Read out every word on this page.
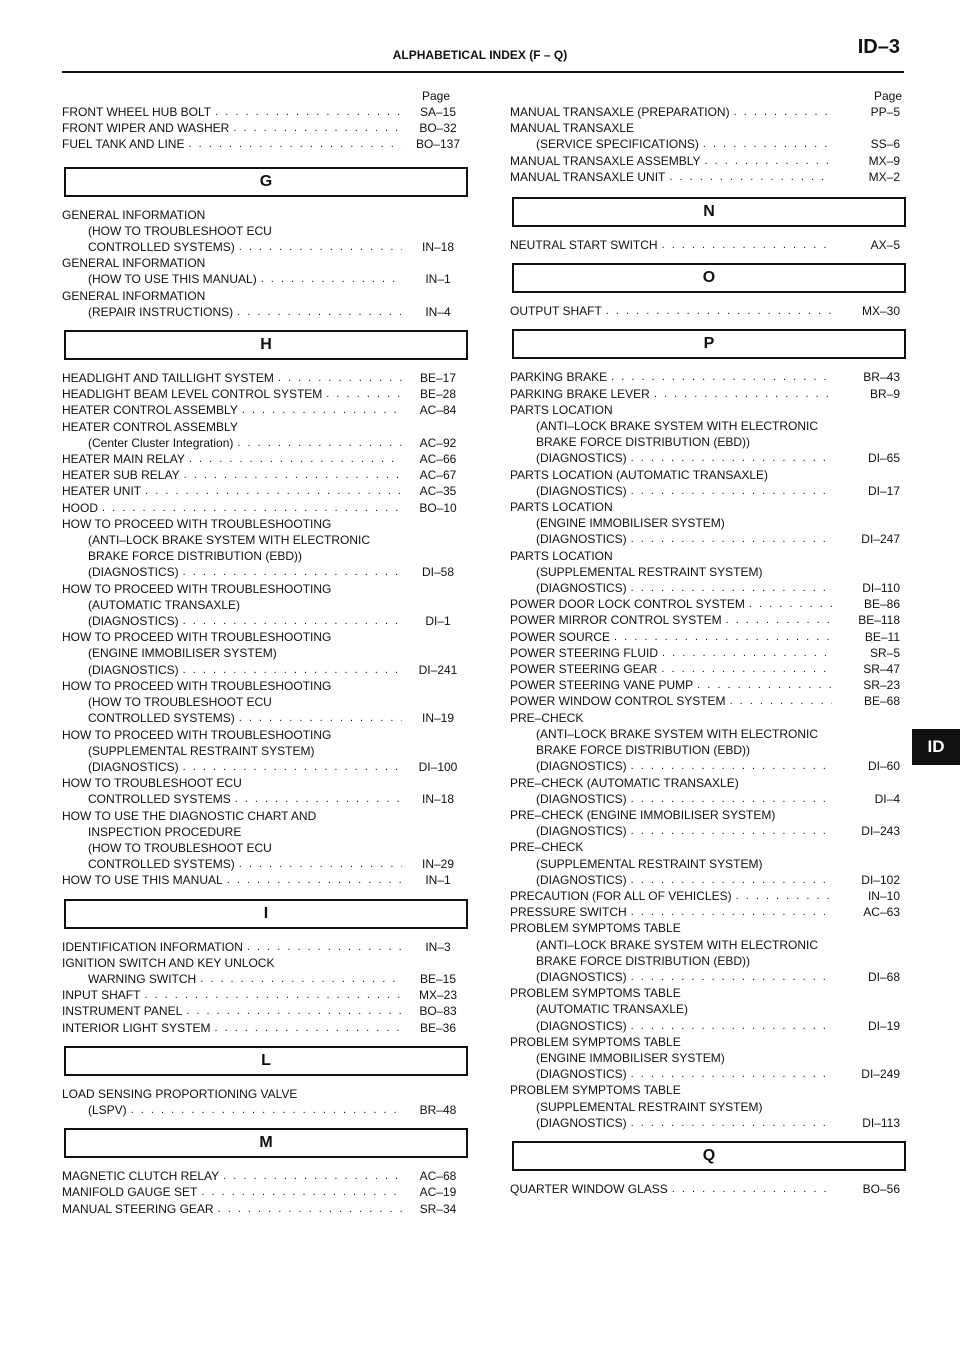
ID–3
ALPHABETICAL INDEX (F – Q)
ID
Page
FRONT WHEEL HUB BOLT . . .	SA–15
FRONT WIPER AND WASHER . . .	BO–32
FUEL TANK AND LINE . . .	BO–137
G
GENERAL INFORMATION
(HOW TO TROUBLESHOOT ECU
CONTROLLED SYSTEMS) . . .	IN–18
GENERAL INFORMATION
(HOW TO USE THIS MANUAL) . . .	IN–1
GENERAL INFORMATION
(REPAIR INSTRUCTIONS) . . .	IN–4
H
HEADLIGHT AND TAILLIGHT SYSTEM . . .	BE–17
HEADLIGHT BEAM LEVEL CONTROL SYSTEM . . .	BE–28
HEATER CONTROL ASSEMBLY . . .	AC–84
HEATER CONTROL ASSEMBLY
(Center Cluster Integration) . . .	AC–92
HEATER MAIN RELAY . . .	AC–66
HEATER SUB RELAY . . .	AC–67
HEATER UNIT . . .	AC–35
HOOD . . .	BO–10
HOW TO PROCEED WITH TROUBLESHOOTING
(ANTI–LOCK BRAKE SYSTEM WITH ELECTRONIC
BRAKE FORCE DISTRIBUTION (EBD))
(DIAGNOSTICS) . . .	DI–58
HOW TO PROCEED WITH TROUBLESHOOTING
(AUTOMATIC TRANSAXLE)
(DIAGNOSTICS) . . .	DI–1
HOW TO PROCEED WITH TROUBLESHOOTING
(ENGINE IMMOBILISER SYSTEM)
(DIAGNOSTICS) . . .	DI–241
HOW TO PROCEED WITH TROUBLESHOOTING
(HOW TO TROUBLESHOOT ECU
CONTROLLED SYSTEMS) . . .	IN–19
HOW TO PROCEED WITH TROUBLESHOOTING
(SUPPLEMENTAL RESTRAINT SYSTEM)
(DIAGNOSTICS) . . .	DI–100
HOW TO TROUBLESHOOT ECU
CONTROLLED SYSTEMS . . .	IN–18
HOW TO USE THE DIAGNOSTIC CHART AND
INSPECTION PROCEDURE
(HOW TO TROUBLESHOOT ECU
CONTROLLED SYSTEMS) . . .	IN–29
HOW TO USE THIS MANUAL . . .	IN–1
I
IDENTIFICATION INFORMATION . . .	IN–3
IGNITION SWITCH AND KEY UNLOCK
WARNING SWITCH . . .	BE–15
INPUT SHAFT . . .	MX–23
INSTRUMENT PANEL . . .	BO–83
INTERIOR LIGHT SYSTEM . . .	BE–36
L
LOAD SENSING PROPORTIONING VALVE
(LSPV) . . .	BR–48
M
MAGNETIC CLUTCH RELAY . . .	AC–68
MANIFOLD GAUGE SET . . .	AC–19
MANUAL STEERING GEAR . . .	SR–34
Page
MANUAL TRANSAXLE (PREPARATION) . . .	PP–5
MANUAL TRANSAXLE
(SERVICE SPECIFICATIONS) . . .	SS–6
MANUAL TRANSAXLE ASSEMBLY . . .	MX–9
MANUAL TRANSAXLE UNIT . . .	MX–2
N
NEUTRAL START SWITCH . . .	AX–5
O
OUTPUT SHAFT . . .	MX–30
P
PARKING BRAKE . . .	BR–43
PARKING BRAKE LEVER . . .	BR–9
PARTS LOCATION
(ANTI–LOCK BRAKE SYSTEM WITH ELECTRONIC
BRAKE FORCE DISTRIBUTION (EBD))
(DIAGNOSTICS) . . .	DI–65
PARTS LOCATION (AUTOMATIC TRANSAXLE)
(DIAGNOSTICS) . . .	DI–17
PARTS LOCATION
(ENGINE IMMOBILISER SYSTEM)
(DIAGNOSTICS) . . .	DI–247
PARTS LOCATION
(SUPPLEMENTAL RESTRAINT SYSTEM)
(DIAGNOSTICS) . . .	DI–110
POWER DOOR LOCK CONTROL SYSTEM . . .	BE–86
POWER MIRROR CONTROL SYSTEM . . .	BE–118
POWER SOURCE . . .	BE–11
POWER STEERING FLUID . . .	SR–5
POWER STEERING GEAR . . .	SR–47
POWER STEERING VANE PUMP . . .	SR–23
POWER WINDOW CONTROL SYSTEM . . .	BE–68
PRE–CHECK
(ANTI–LOCK BRAKE SYSTEM WITH ELECTRONIC
BRAKE FORCE DISTRIBUTION (EBD))
(DIAGNOSTICS) . . .	DI–60
PRE–CHECK (AUTOMATIC TRANSAXLE)
(DIAGNOSTICS) . . .	DI–4
PRE–CHECK (ENGINE IMMOBILISER SYSTEM)
(DIAGNOSTICS) . . .	DI–243
PRE–CHECK
(SUPPLEMENTAL RESTRAINT SYSTEM)
(DIAGNOSTICS) . . .	DI–102
PRECAUTION (FOR ALL OF VEHICLES) . . .	IN–10
PRESSURE SWITCH . . .	AC–63
PROBLEM SYMPTOMS TABLE
(ANTI–LOCK BRAKE SYSTEM WITH ELECTRONIC
BRAKE FORCE DISTRIBUTION (EBD))
(DIAGNOSTICS) . . .	DI–68
PROBLEM SYMPTOMS TABLE
(AUTOMATIC TRANSAXLE)
(DIAGNOSTICS) . . .	DI–19
PROBLEM SYMPTOMS TABLE
(ENGINE IMMOBILISER SYSTEM)
(DIAGNOSTICS) . . .	DI–249
PROBLEM SYMPTOMS TABLE
(SUPPLEMENTAL RESTRAINT SYSTEM)
(DIAGNOSTICS) . . .	DI–113
Q
QUARTER WINDOW GLASS . . .	BO–56
